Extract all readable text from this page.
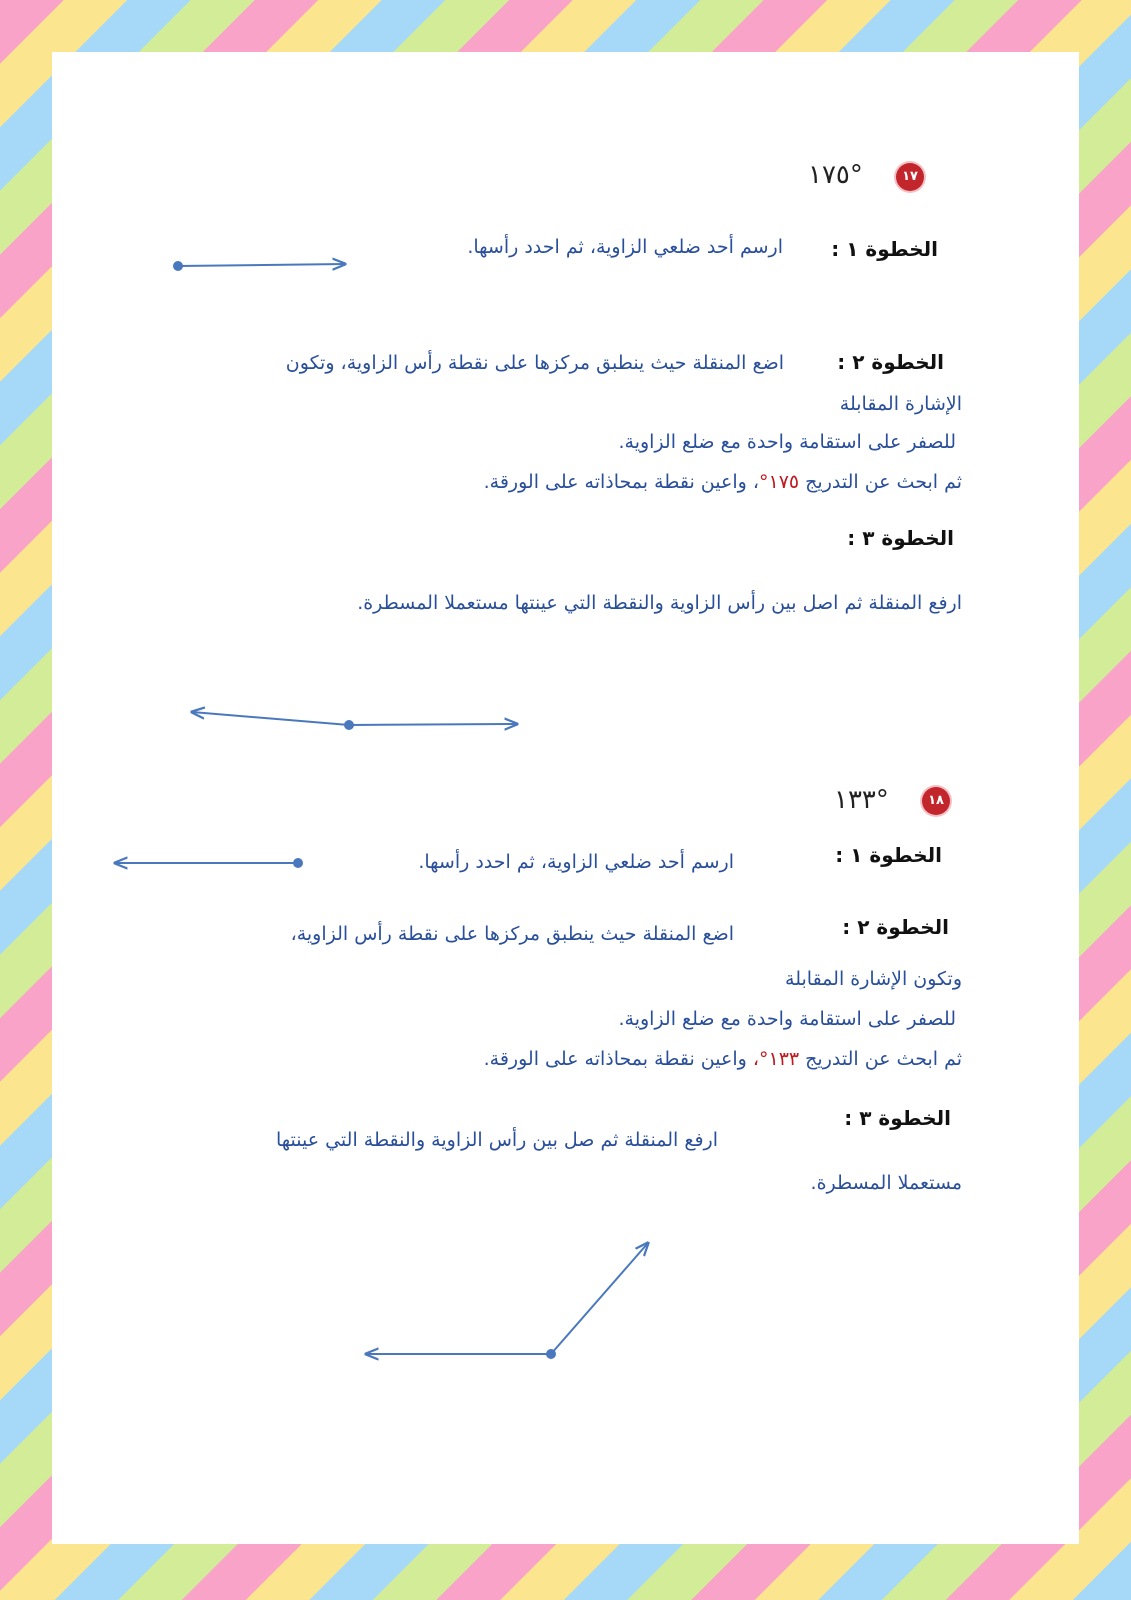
١٧
١٧٥°
الخطوة ١ :
ارسم أحد ضلعي الزاوية، ثم احدد رأسها.
الخطوة ٢ :
اضع المنقلة حيث ينطبق مركزها على نقطة رأس الزاوية، وتكون
الإشارة المقابلة
للصفر على استقامة واحدة مع ضلع الزاوية.
ثم ابحث عن التدريج ١٧٥°، واعين نقطة بمحاذاته على الورقة.
الخطوة ٣ :
ارفع المنقلة ثم اصل بين رأس الزاوية والنقطة التي عينتها مستعملا المسطرة.
١٨
١٣٣°
الخطوة ١ :
ارسم أحد ضلعي الزاوية، ثم احدد رأسها.
الخطوة ٢ :
اضع المنقلة حيث ينطبق مركزها على نقطة رأس الزاوية،
وتكون الإشارة المقابلة
للصفر على استقامة واحدة مع ضلع الزاوية.
ثم ابحث عن التدريج ١٣٣°، واعين نقطة بمحاذاته على الورقة.
الخطوة ٣ :
ارفع المنقلة ثم صل بين رأس الزاوية والنقطة التي عينتها
مستعملا المسطرة.
